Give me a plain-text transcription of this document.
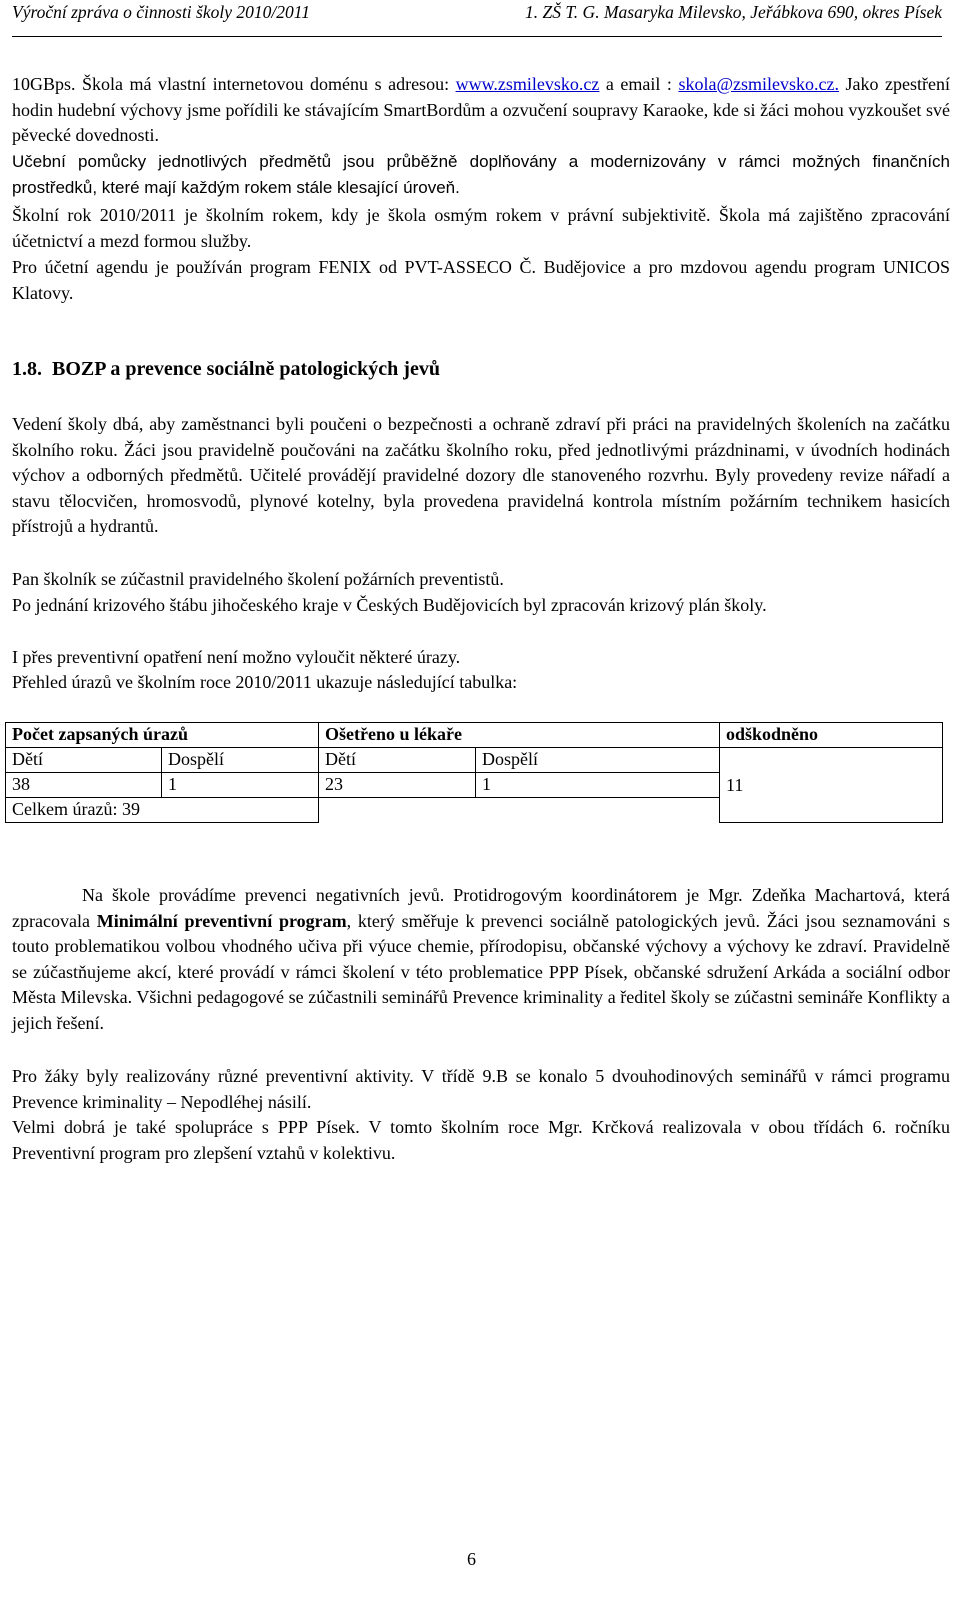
Výroční zpráva o činnosti školy 2010/2011	1. ZŠ T. G. Masaryka Milevsko, Jeřábkova 690, okres Písek
10GBps. Škola má vlastní internetovou doménu s adresou: www.zsmilevsko.cz a email : skola@zsmilevsko.cz. Jako zpestření hodin hudební výchovy jsme pořídili ke stávajícím SmartBordům a ozvučení soupravy Karaoke, kde si žáci mohou vyzkoušet své pěvecké dovednosti.
Učební pomůcky jednotlivých předmětů jsou průběžně doplňovány a modernizovány v rámci možných finančních prostředků, které mají každým rokem stále klesající úroveň.
Školní rok 2010/2011 je školním rokem, kdy je škola osmým rokem v právní subjektivitě. Škola má zajištěno zpracování účetnictví a mezd formou služby.
Pro účetní agendu je používán program FENIX od PVT-ASSECO Č. Budějovice a pro mzdovou agendu program UNICOS Klatovy.
1.8. BOZP a prevence sociálně patologických jevů
Vedení školy dbá, aby zaměstnanci byli poučeni o bezpečnosti a ochraně zdraví při práci na pravidelných školeních na začátku školního roku. Žáci jsou pravidelně poučováni na začátku školního roku, před jednotlivými prázdninami, v úvodních hodinách výchov a odborných předmětů. Učitelé provádějí pravidelné dozory dle stanoveného rozvrhu. Byly provedeny revize nářadí a stavu tělocvičen, hromosvodů, plynové kotelny, byla provedena pravidelná kontrola místním požárním technikem hasicích přístrojů a hydrantů.
Pan školník se zúčastnil pravidelného školení požárních preventistů.
Po jednání krizového štábu jihočeského kraje v Českých Budějovicích byl zpracován krizový plán školy.
I přes preventivní opatření není možno vyloučit některé úrazy.
Přehled úrazů ve školním roce 2010/2011 ukazuje následující tabulka:
Počet zapsaných úrazů		Ošetřeno u lékaře		odškodněno
Dětí	Dospělí	Dětí	Dospělí	11
38	1	23	1	
Celkem úrazů: 39				
Na škole provádíme prevenci negativních jevů. Protidrogovým koordinátorem je Mgr. Zdeňka Machartová, která zpracovala Minimální preventivní program, který směřuje k prevenci sociálně patologických jevů. Žáci jsou seznamováni s touto problematikou volbou vhodného učiva při výuce chemie, přírodopisu, občanské výchovy a výchovy ke zdraví. Pravidelně se zúčastňujeme akcí, které provádí v rámci školení v této problematice PPP Písek, občanské sdružení Arkáda a sociální odbor Města Milevska. Všichni pedagogové se zúčastnili seminářů Prevence kriminality a ředitel školy se zúčastni semináře Konflikty a jejich řešení.
Pro žáky byly realizovány různé preventivní aktivity. V třídě 9.B se konalo 5 dvouhodinových seminářů v rámci programu Prevence kriminality – Nepodléhej násilí.
Velmi dobrá je také spolupráce s PPP Písek. V tomto školním roce Mgr. Krčková realizovala v obou třídách 6. ročníku Preventivní program pro zlepšení vztahů v kolektivu.
6
